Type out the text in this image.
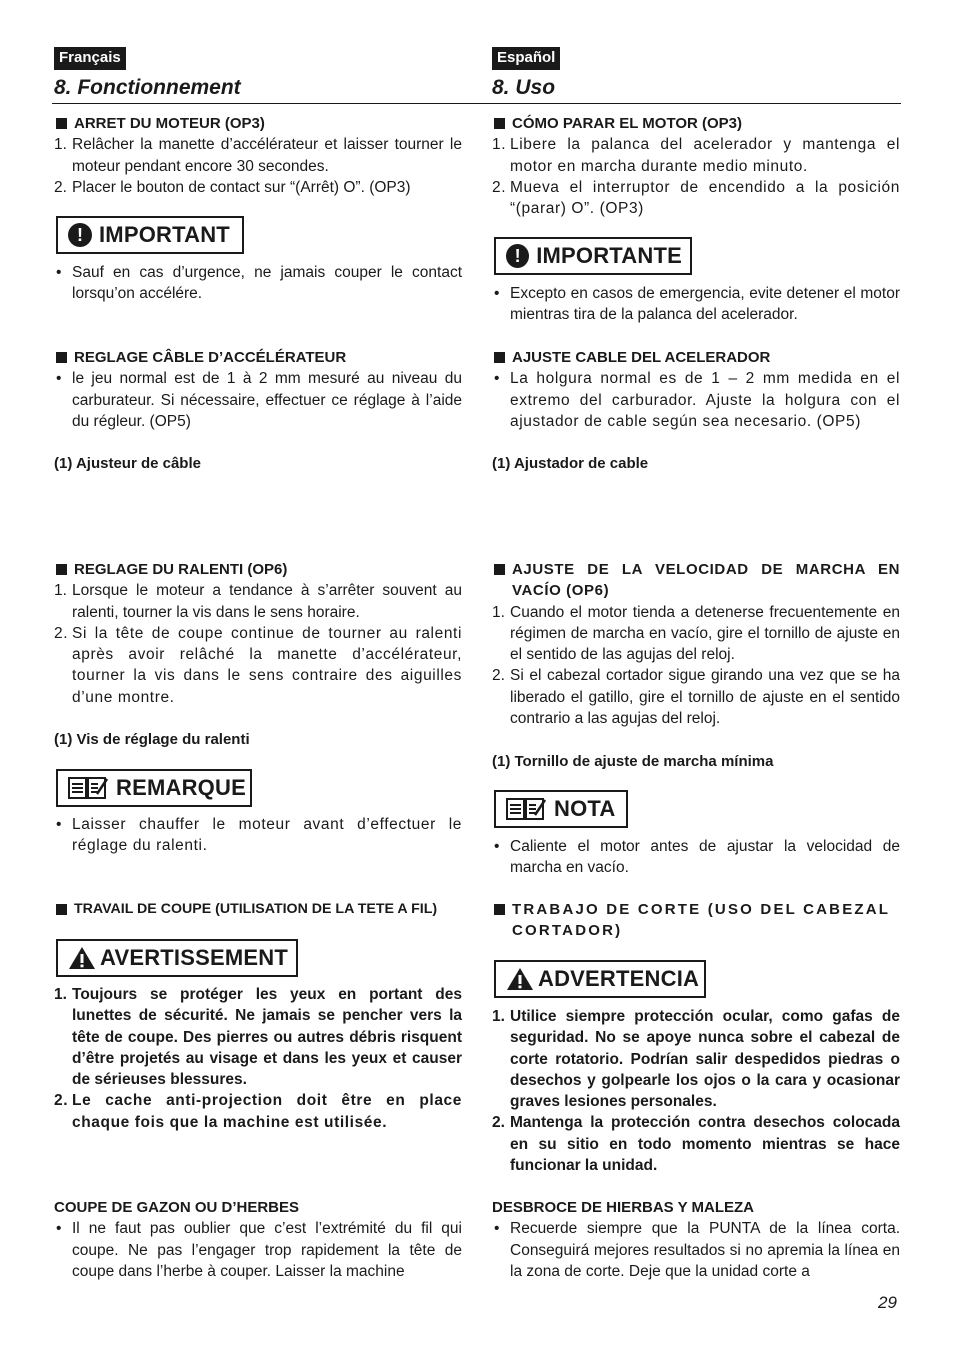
Français
8. Fonctionnement
ARRET DU MOTEUR (OP3)
1. Relâcher la manette d’accélérateur et laisser tourner le moteur pendant encore 30 secondes.
2. Placer le bouton de contact sur “(Arrêt) O”. (OP3)
! IMPORTANT
• Sauf en cas d’urgence, ne jamais couper le contact lorsqu’on accélére.
REGLAGE CÂBLE D’ACCÉLÉRATEUR
• le jeu normal est de 1 à 2 mm mesuré au niveau du carburateur. Si nécessaire, effectuer ce réglage à l’aide du régleur. (OP5)
(1) Ajusteur de câble
REGLAGE DU RALENTI (OP6)
1. Lorsque le moteur a tendance à s’arrêter souvent au ralenti, tourner la vis dans le sens horaire.
2. Si la tête de coupe continue de tourner au ralenti après avoir relâché la manette d’accélérateur, tourner la vis dans le sens contraire des aiguilles d’une montre.
(1) Vis de réglage du ralenti
REMARQUE
• Laisser chauffer le moteur avant d’effectuer le réglage du ralenti.
TRAVAIL DE COUPE (UTILISATION DE LA TETE A FIL)
AVERTISSEMENT
1. Toujours se protéger les yeux en portant des lunettes de sécurité. Ne jamais se pencher vers la tête de coupe. Des pierres ou autres débris risquent d’être projetés au visage et dans les yeux et causer de sérieuses blessures.
2. Le cache anti-projection doit être en place chaque fois que la machine est utilisée.
COUPE DE GAZON OU D’HERBES
• Il ne faut pas oublier que c’est l’extrémité du fil qui coupe. Ne pas l’engager trop rapidement la tête de coupe dans l’herbe à couper. Laisser la machine
Español
8. Uso
CÓMO PARAR EL MOTOR (OP3)
1. Libere la palanca del acelerador y mantenga el motor en marcha durante medio minuto.
2. Mueva el interruptor de encendido a la posición “(parar) O”. (OP3)
! IMPORTANTE
• Excepto en casos de emergencia, evite detener el motor mientras tira de la palanca del acelerador.
AJUSTE CABLE DEL ACELERADOR
• La holgura normal es de 1 – 2 mm medida en el extremo del carburador. Ajuste la holgura con el ajustador de cable según sea necesario. (OP5)
(1) Ajustador de cable
AJUSTE DE LA VELOCIDAD DE MARCHA EN VACÍO (OP6)
1. Cuando el motor tienda a detenerse frecuentemente en régimen de marcha en vacío, gire el tornillo de ajuste en el sentido de las agujas del reloj.
2. Si el cabezal cortador sigue girando una vez que se ha liberado el gatillo, gire el tornillo de ajuste en el sentido contrario a las agujas del reloj.
(1) Tornillo de ajuste de marcha mínima
NOTA
• Caliente el motor antes de ajustar la velocidad de marcha en vacío.
TRABAJO DE CORTE (USO DEL CABEZAL CORTADOR)
ADVERTENCIA
1. Utilice siempre protección ocular, como gafas de seguridad. No se apoye nunca sobre el cabezal de corte rotatorio. Podrían salir despedidos piedras o desechos y golpearle los ojos o la cara y ocasionar graves lesiones personales.
2. Mantenga la protección contra desechos colocada en su sitio en todo momento mientras se hace funcionar la unidad.
DESBROCE DE HIERBAS Y MALEZA
• Recuerde siempre que la PUNTA de la línea corta. Conseguirá mejores resultados si no apremia la línea en la zona de corte. Deje que la unidad corte a
29
